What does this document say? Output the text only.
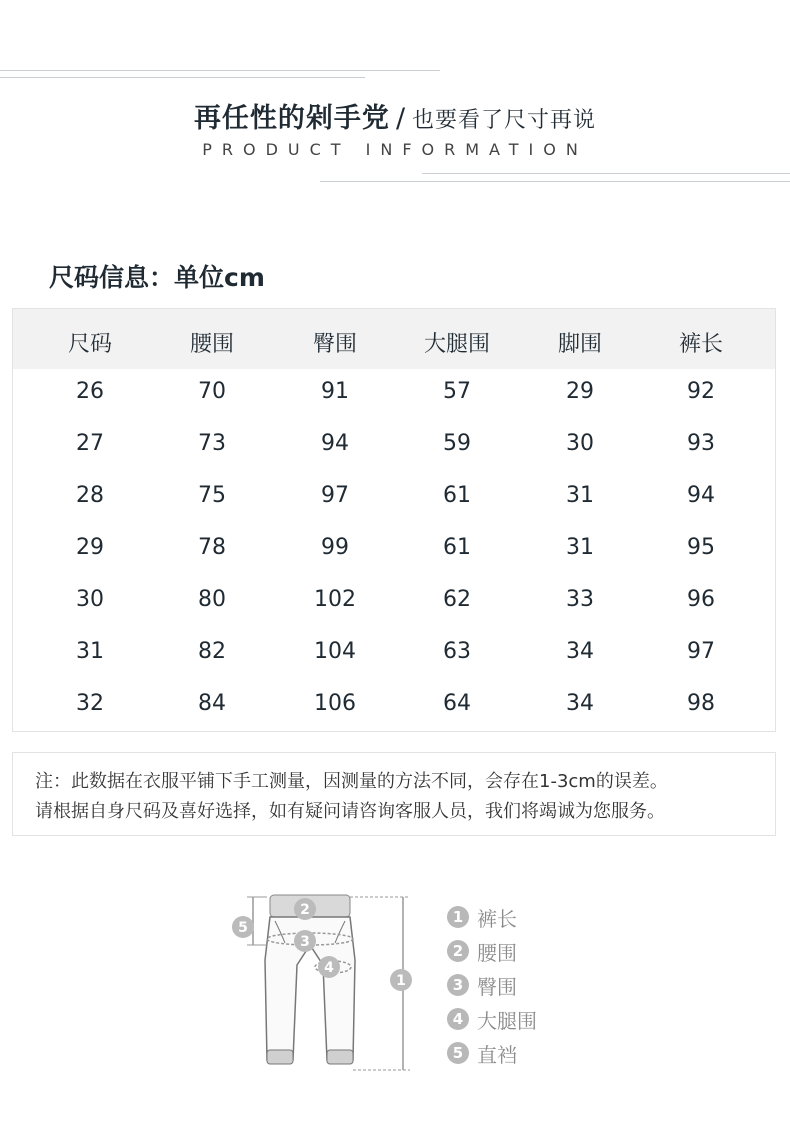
再任性的剁手党 / 也要看了尺寸再说
PRODUCT INFORMATION
尺码信息：单位cm
尺码	腰围	臀围	大腿围	脚围	裤长
26	70	91	57	29	92
27	73	94	59	30	93
28	75	97	61	31	94
29	78	99	61	31	95
30	80	102	62	33	96
31	82	104	63	34	97
32	84	106	64	34	98
注：此数据在衣服平铺下手工测量，因测量的方法不同，会存在1-3cm的误差。
请根据自身尺码及喜好选择，如有疑问请咨询客服人员，我们将竭诚为您服务。
5
2
3
4
1
1 裤长
2 腰围
3 臀围
4 大腿围
5 直裆
